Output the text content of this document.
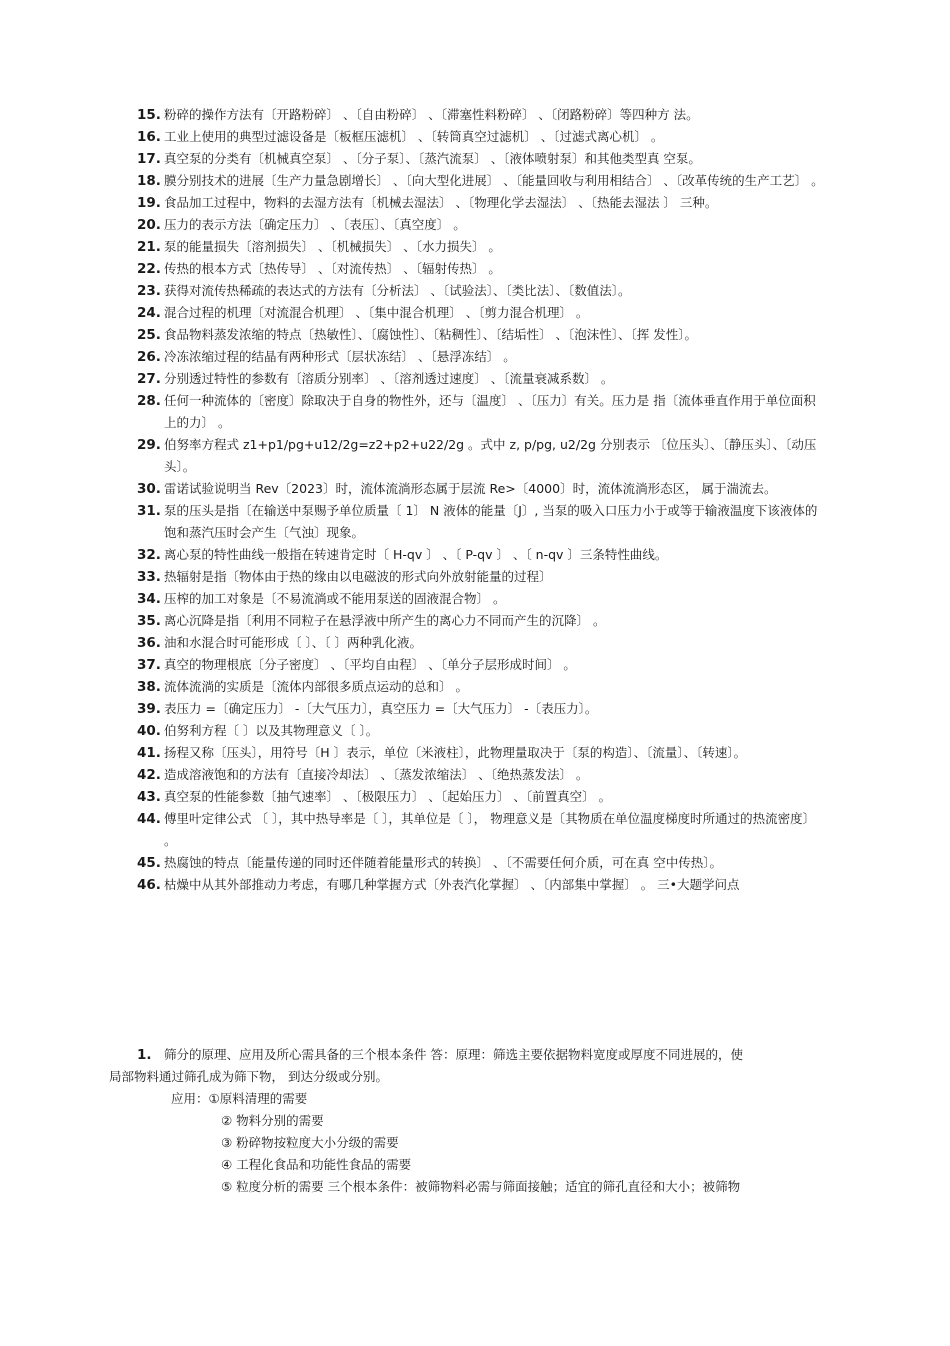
15. 粉碎的操作方法有〔开路粉碎〕 、〔自由粉碎〕 、〔滞塞性料粉碎〕 、〔闭路粉碎〕等四种方 法。
16. 工业上使用的典型过滤设备是〔板框压滤机〕 、〔转筒真空过滤机〕 、〔过滤式离心机〕 。
17. 真空泵的分类有〔机械真空泵〕 、〔分子泵〕、〔蒸汽流泵〕 、〔液体喷射泵〕和其他类型真 空泵。
18. 膜分别技术的进展〔生产力量急剧增长〕 、〔向大型化进展〕 、〔能量回收与利用相结合〕 、〔改革传统的生产工艺〕 。
19. 食品加工过程中，物料的去湿方法有〔机械去湿法〕 、〔物理化学去湿法〕 、〔热能去湿法 〕 三种。
20. 压力的表示方法〔确定压力〕 、〔表压〕、〔真空度〕 。
21. 泵的能量损失〔溶剂损失〕 、〔机械损失〕 、〔水力损失〕 。
22. 传热的根本方式〔热传导〕 、〔对流传热〕 、〔辐射传热〕 。
23. 获得对流传热稀疏的表达式的方法有〔分析法〕 、〔试验法〕、〔类比法〕、〔数值法〕。
24. 混合过程的机理〔对流混合机理〕 、〔集中混合机理〕 、〔剪力混合机理〕 。
25. 食品物料蒸发浓缩的特点〔热敏性〕、〔腐蚀性〕、〔粘稠性〕、〔结垢性〕 、〔泡沫性〕、〔挥 发性〕。
26. 冷冻浓缩过程的结晶有两种形式〔层状冻结〕 、〔悬浮冻结〕 。
27. 分别透过特性的参数有〔溶质分别率〕 、〔溶剂透过速度〕 、〔流量衰减系数〕 。
28. 任何一种流体的〔密度〕除取决于自身的物性外，还与〔温度〕 、〔压力〕有关。压力是 指〔流体垂直作用于单位面积上的力〕 。
29. 伯努率方程式 z1+p1/pg+u12/2g=z2+p2+u22/2g 。式中 z, p/pg, u2/2g 分别表示 〔位压头〕、〔静压头〕、〔动压头〕。
30. 雷诺试验说明当 Rev〔2023〕时，流体流淌形态属于层流 Re>〔4000〕时，流体流淌形态区， 属于湍流去。
31. 泵的压头是指〔在输送中泵赐予单位质量〔 1〕 N 液体的能量〔J〕, 当泵的吸入口压力小于或等于输液温度下该液体的饱和蒸汽压时会产生〔气浊〕现象。
32. 离心泵的特性曲线一般指在转速肯定时〔 H-qv 〕 、〔 P-qv 〕 、〔 n-qv 〕三条特性曲线。
33. 热辐射是指〔物体由于热的缘由以电磁波的形式向外放射能量的过程〕
34. 压榨的加工对象是〔不易流淌或不能用泵送的固液混合物〕 。
35. 离心沉降是指〔利用不同粒子在悬浮液中所产生的离心力不同而产生的沉降〕 。
36. 油和水混合时可能形成〔 〕、〔 〕两种乳化液。
37. 真空的物理根底〔分子密度〕 、〔平均自由程〕 、〔单分子层形成时间〕 。
38. 流体流淌的实质是〔流体内部很多质点运动的总和〕 。
39. 表压力 =〔确定压力〕 -〔大气压力〕，真空压力 =〔大气压力〕 -〔表压力〕。
40. 伯努利方程〔 〕以及其物理意义〔 〕。
41. 扬程又称〔压头〕，用符号〔H 〕表示，单位〔米液柱〕，此物理量取决于〔泵的构造〕、〔流量〕、〔转速〕。
42. 造成溶液饱和的方法有〔直接冷却法〕 、〔蒸发浓缩法〕 、〔绝热蒸发法〕 。
43. 真空泵的性能参数〔抽气速率〕 、〔极限压力〕 、〔起始压力〕 、〔前置真空〕 。
44. 傅里叶定律公式 〔 〕，其中热导率是〔 〕，其单位是〔 〕， 物理意义是〔其物质在单位温度梯度时所通过的热流密度〕 。
45. 热腐蚀的特点〔能量传递的同时还伴随着能量形式的转换〕 、〔不需要任何介质，可在真 空中传热〕。
46. 枯燥中从其外部推动力考虑，有哪几种掌握方式〔外表汽化掌握〕 、〔内部集中掌握〕 。 三•大题学问点
1. 筛分的原理、应用及所心需具备的三个根本条件 答：原理：筛选主要依据物料宽度或厚度不同进展的，使
局部物料通过筛孔成为筛下物， 到达分级或分别。
应用：①原料清理的需要
② 物料分别的需要
③ 粉碎物按粒度大小分级的需要
④ 工程化食品和功能性食品的需要
⑤ 粒度分析的需要 三个根本条件：被筛物料必需与筛面接触；适宜的筛孔直径和大小；被筛物
